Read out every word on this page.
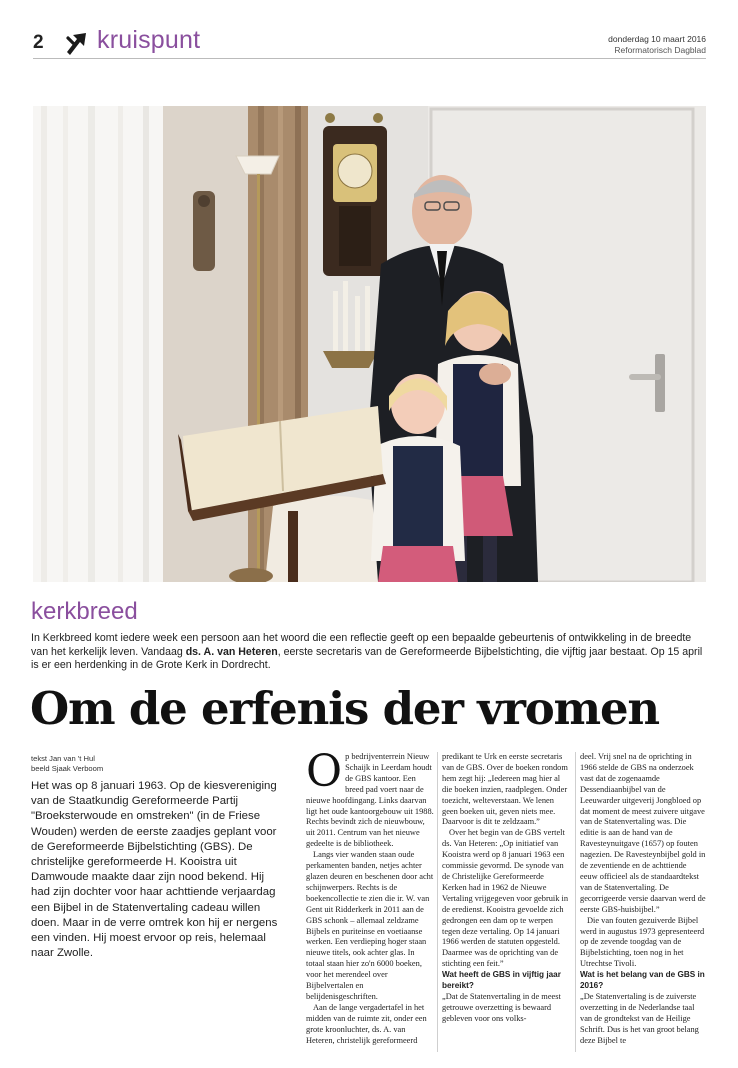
2 kruispunt	donderdag 10 maart 2016
Reformatorisch Dagblad
kerkbreed
In Kerkbreed komt iedere week een persoon aan het woord die een reflectie geeft op een bepaalde gebeurtenis of ontwikkeling in de breedte van het kerkelijk leven. Vandaag ds. A. van Heteren, eerste secretaris van de Gereformeerde Bijbelstichting, die vijftig jaar bestaat. Op 15 april is er een herdenking in de Grote Kerk in Dordrecht.
Om de erfenis der vromen
tekst Jan van 't Hul
beeld Sjaak Verboom
Het was op 8 januari 1963. Op de kiesvereniging van de Staatkundig Gereformeerde Partij "Broeksterwoude en omstreken" (in de Friese Wouden) werden de eerste zaadjes geplant voor de Gereformeerde Bijbelstichting (GBS). De christelijke gereformeerde H. Kooistra uit Damwoude maakte daar zijn nood bekend. Hij had zijn dochter voor haar achttiende verjaardag een Bijbel in de Statenvertaling cadeau willen doen. Maar in de verre omtrek kon hij er nergens een vinden. Hij moest ervoor op reis, helemaal naar Zwolle.

Op bedrijventerrein Nieuw Schaijk in Leerdam houdt de GBS kantoor. Een breed pad voert naar de nieuwe hoofdingang. Links daarvan ligt het oude kantoorgebouw uit 1988. Rechts bevindt zich de nieuwbouw, uit 2011. Centrum van het nieuwe gedeelte is de bibliotheek.

Langs vier wanden staan oude perkamenten banden, netjes achter glazen deuren en beschenen door acht schijnwerpers. Rechts is de boekencollectie te zien die ir. W. van Gent uit Ridderkerk in 2011 aan de GBS schonk – allemaal zeldzame Bijbels en puriteinse en voetiaanse werken. Een verdieping hoger staan nieuwe titels, ook achter glas. In totaal staan hier zo'n 6000 boeken, voor het merendeel over Bijbelvertalen en belijdenisgeschriften.

Aan de lange vergadertafel in het midden van de ruimte zit, onder een grote kroonluchter, ds. A. van Heteren, christelijk gereformeerd

predikant te Urk en eerste secretaris van de GBS. Over de boeken rondom hem zegt hij: „Iedereen mag hier al die boeken inzien, raadplegen. Onder toezicht, welteverstaan. We lenen geen boeken uit, geven niets mee. Daarvoor is dit te zeldzaam.”

Over het begin van de GBS vertelt ds. Van Heteren: „Op initiatief van Kooistra werd op 8 januari 1963 een commissie gevormd. De synode van de Christelijke Gereformeerde Kerken had in 1962 de Nieuwe Vertaling vrijgegeven voor gebruik in de eredienst. Kooistra gevoelde zich gedrongen een dam op te werpen tegen deze vertaling. Op 14 januari 1966 werden de statuten opgesteld. Daarmee was de oprichting van de stichting een feit.”

Wat heeft de GBS in vijftig jaar bereikt?

„Dat de Statenvertaling in de meest getrouwe overzetting is bewaard gebleven voor ons volks-

deel. Vrij snel na de oprichting in 1966 stelde de GBS na onderzoek vast dat de zogenaamde Dessendiaanbijbel van de Leeuwarder uitgeverij Jongbloed op dat moment de meest zuivere uitgave van de Statenvertaling was. Die editie is aan de hand van de Ravesteynuitgave (1657) op fouten nagezien. De Ravesteynbijbel gold in de zeventiende en de achttiende eeuw officieel als de standaardtekst van de Statenvertaling. De gecorrigeerde versie daarvan werd de eerste GBS-huisbijbel.”

Die van fouten gezuiverde Bijbel werd in augustus 1973 gepresenteerd op de zevende toogdag van de Bijbelstichting, toen nog in het Utrechtse Tivoli.

Wat is het belang van de GBS in 2016?

„De Statenvertaling is de zuiverste overzetting in de Nederlandse taal van de grondtekst van de Heilige Schrift. Dus is het van groot belang deze Bijbel te
